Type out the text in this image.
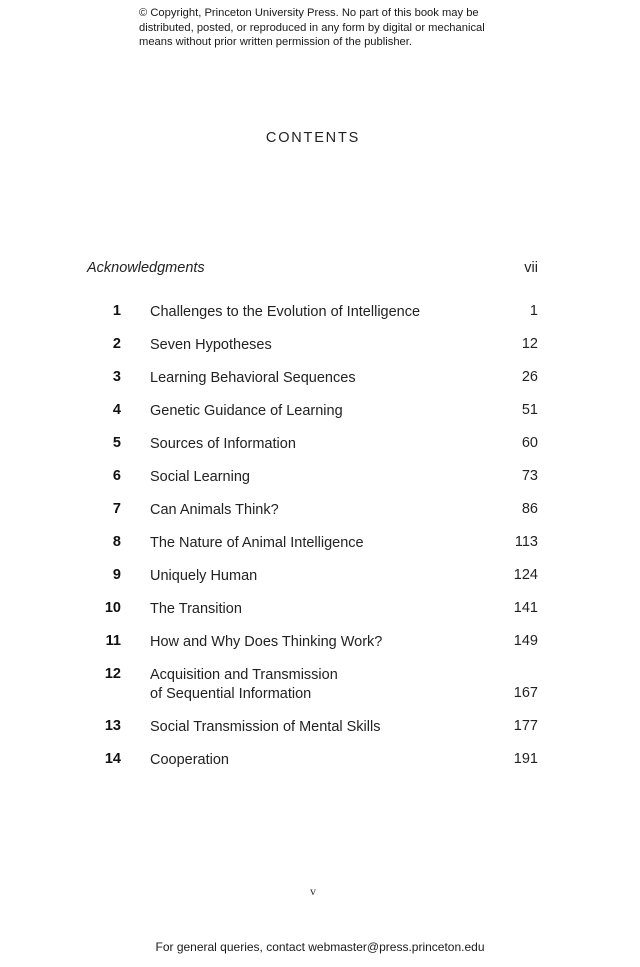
© Copyright, Princeton University Press. No part of this book may be
distributed, posted, or reproduced in any form by digital or mechanical
means without prior written permission of the publisher.
CONTENTS
Acknowledgments	vii
1 Challenges to the Evolution of Intelligence	1
2 Seven Hypotheses	12
3 Learning Behavioral Sequences	26
4 Genetic Guidance of Learning	51
5 Sources of Information	60
6 Social Learning	73
7 Can Animals Think?	86
8 The Nature of Animal Intelligence	113
9 Uniquely Human	124
10 The Transition	141
11 How and Why Does Thinking Work?	149
12 Acquisition and Transmission
of Sequential Information	167
13 Social Transmission of Mental Skills	177
14 Cooperation	191
v
For general queries, contact webmaster@press.princeton.edu
